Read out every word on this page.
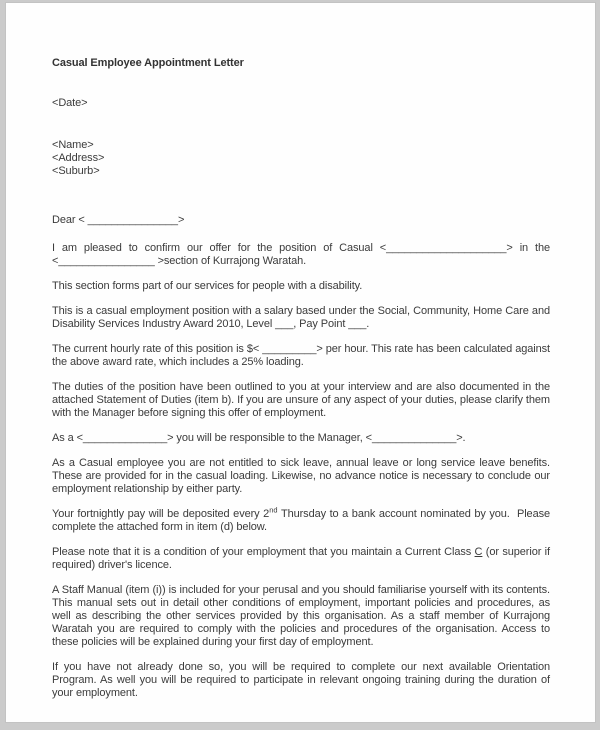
Casual Employee Appointment Letter
<Date>
<Name>
<Address>
<Suburb>
Dear < _______________>

I am pleased to confirm our offer for the position of Casual <____________________> in the <________________ >section of Kurrajong Waratah.

This section forms part of our services for people with a disability.

This is a casual employment position with a salary based under the Social, Community, Home Care and Disability Services Industry Award 2010, Level ___, Pay Point ___.

The current hourly rate of this position is $< _________> per hour. This rate has been calculated against the above award rate, which includes a 25% loading.

The duties of the position have been outlined to you at your interview and are also documented in the attached Statement of Duties (item b). If you are unsure of any aspect of your duties, please clarify them with the Manager before signing this offer of employment.

As a <______________> you will be responsible to the Manager, <______________>.

As a Casual employee you are not entitled to sick leave, annual leave or long service leave benefits. These are provided for in the casual loading. Likewise, no advance notice is necessary to conclude our employment relationship by either party.

Your fortnightly pay will be deposited every 2nd Thursday to a bank account nominated by you.  Please complete the attached form in item (d) below.

Please note that it is a condition of your employment that you maintain a Current Class C (or superior if required) driver's licence.

A Staff Manual (item (i)) is included for your perusal and you should familiarise yourself with its contents. This manual sets out in detail other conditions of employment, important policies and procedures, as well as describing the other services provided by this organisation. As a staff member of Kurrajong Waratah you are required to comply with the policies and procedures of the organisation. Access to these policies will be explained during your first day of employment.

If you have not already done so, you will be required to complete our next available Orientation Program. As well you will be required to participate in relevant ongoing training during the duration of your employment.
